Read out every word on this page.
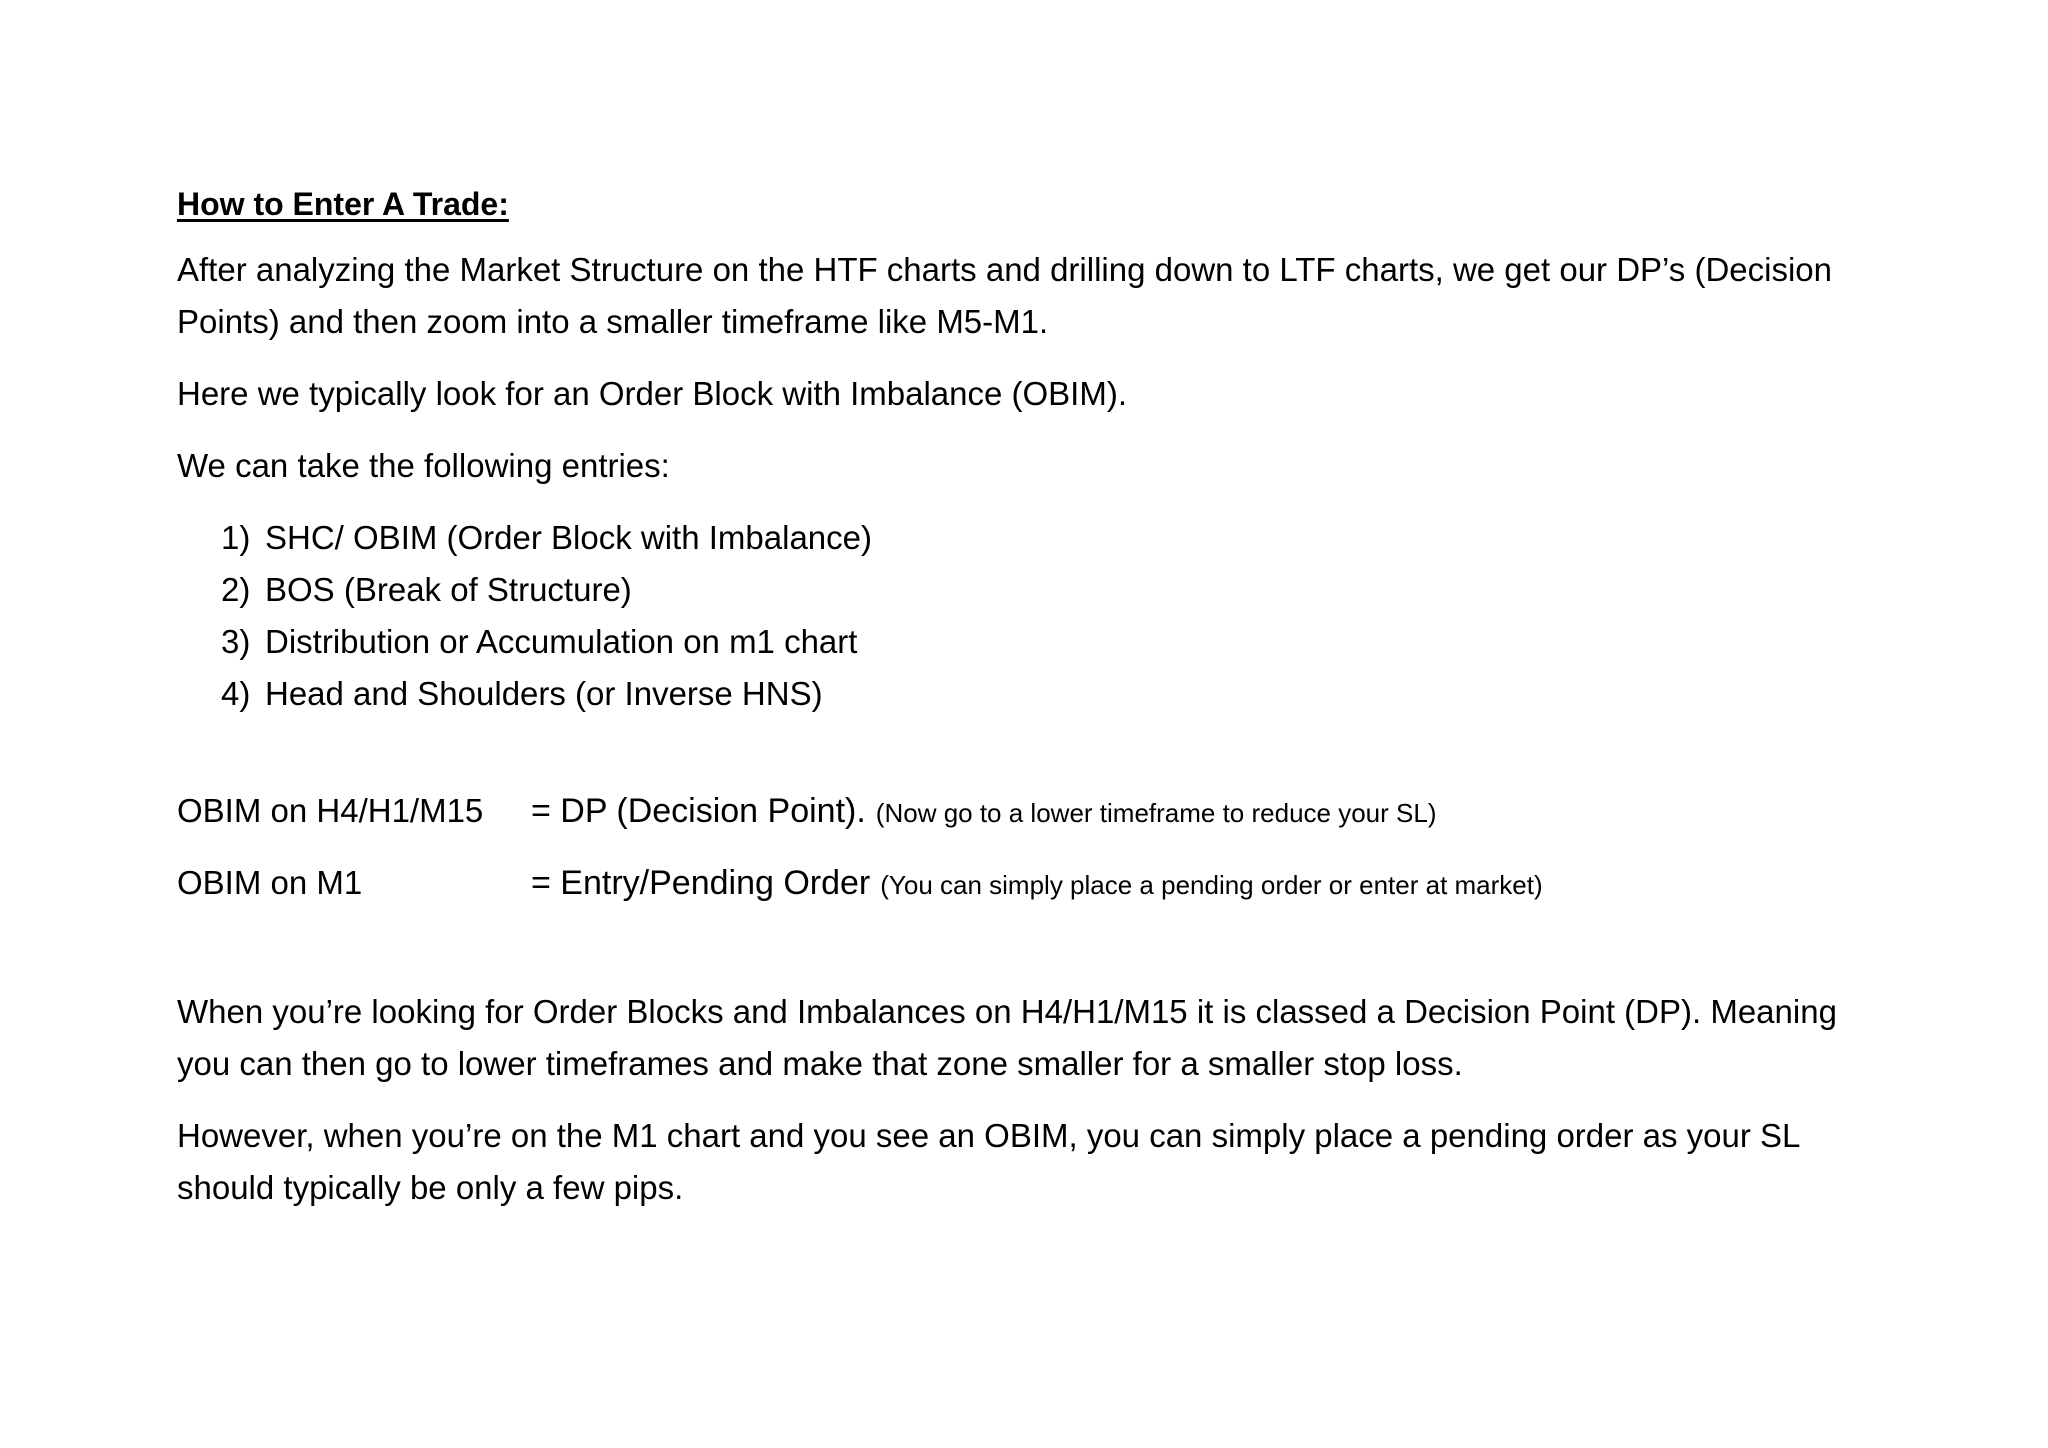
How to Enter A Trade:

After analyzing the Market Structure on the HTF charts and drilling down to LTF charts, we get our DP’s (Decision Points) and then zoom into a smaller timeframe like M5-M1.

Here we typically look for an Order Block with Imbalance (OBIM).

We can take the following entries:

1) SHC/ OBIM (Order Block with Imbalance)
2) BOS (Break of Structure)
3) Distribution or Accumulation on m1 chart
4) Head and Shoulders (or Inverse HNS)
OBIM on H4/H1/M15	= DP (Decision Point). (Now go to a lower timeframe to reduce your SL)
OBIM on M1	= Entry/Pending Order (You can simply place a pending order or enter at market)

When you’re looking for Order Blocks and Imbalances on H4/H1/M15 it is classed a Decision Point (DP). Meaning you can then go to lower timeframes and make that zone smaller for a smaller stop loss.

However, when you’re on the M1 chart and you see an OBIM, you can simply place a pending order as your SL should typically be only a few pips.
